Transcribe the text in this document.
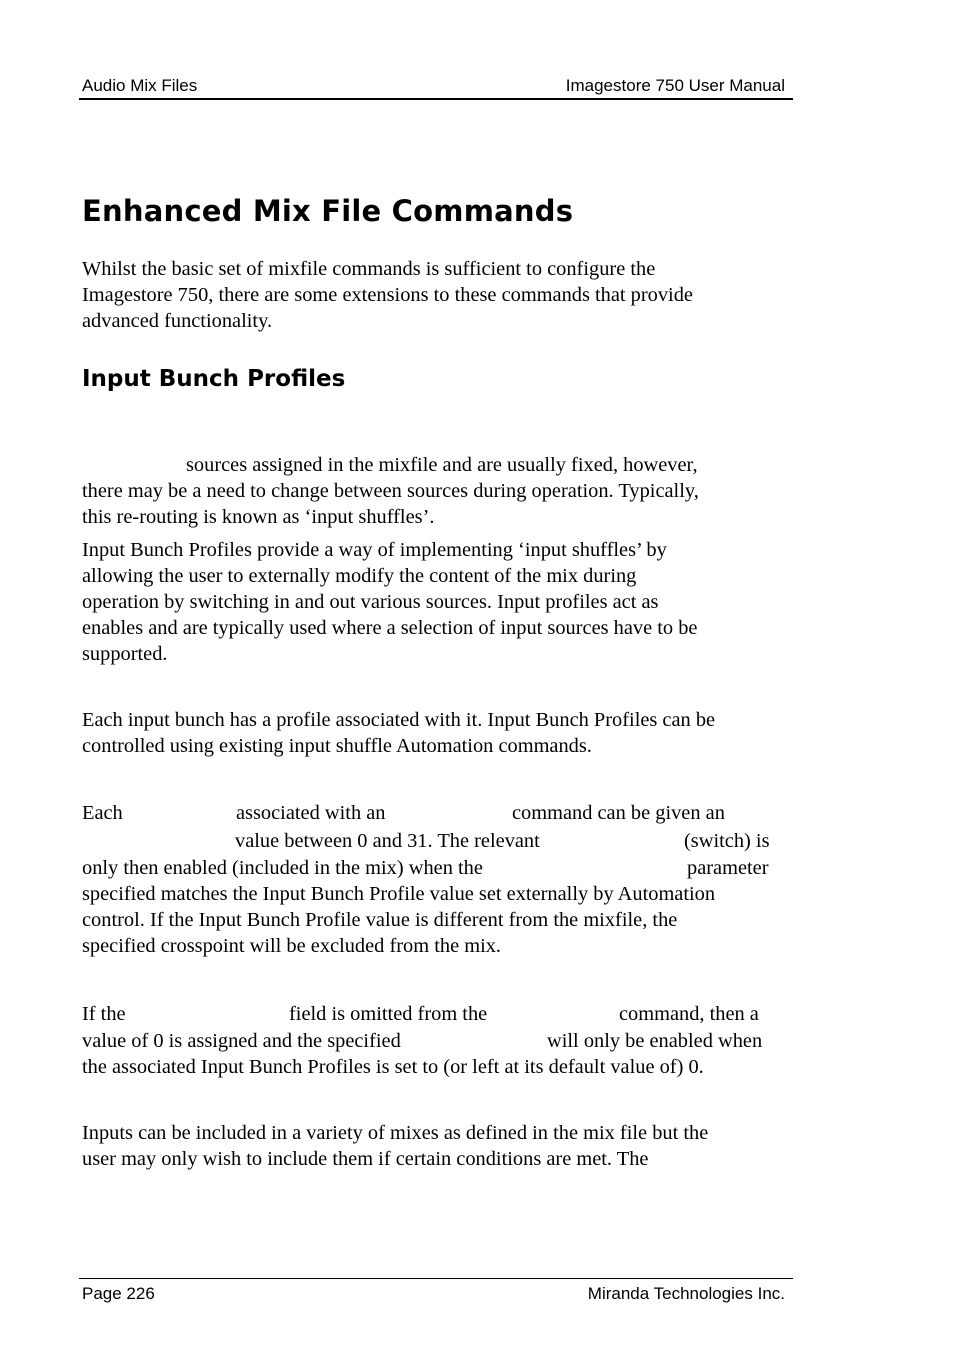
Audio Mix Files	Imagestore 750 User Manual
Enhanced Mix File Commands
Whilst the basic set of mixfile commands is sufficient to configure the
Imagestore 750, there are some extensions to these commands that provide
advanced functionality.
Input Bunch Profiles
sources assigned in the mixfile and are usually fixed, however,
there may be a need to change between sources during operation. Typically,
this re-routing is known as ‘input shuffles’.
Input Bunch Profiles provide a way of implementing ‘input shuffles’ by
allowing the user to externally modify the content of the mix during
operation by switching in and out various sources. Input profiles act as
enables and are typically used where a selection of input sources have to be
supported.
Each input bunch has a profile associated with it. Input Bunch Profiles can be
controlled using existing input shuffle Automation commands.
Each	associated with an	command can be given an
value between 0 and 31. The relevant	(switch) is
only then enabled (included in the mix) when the	parameter
specified matches the Input Bunch Profile value set externally by Automation
control. If the Input Bunch Profile value is different from the mixfile, the
specified crosspoint will be excluded from the mix.
If the	field is omitted from the	command, then a
value of 0 is assigned and the specified	will only be enabled when
the associated Input Bunch Profiles is set to (or left at its default value of) 0.
Inputs can be included in a variety of mixes as defined in the mix file but the
user may only wish to include them if certain conditions are met. The
Page 226	Miranda Technologies Inc.
